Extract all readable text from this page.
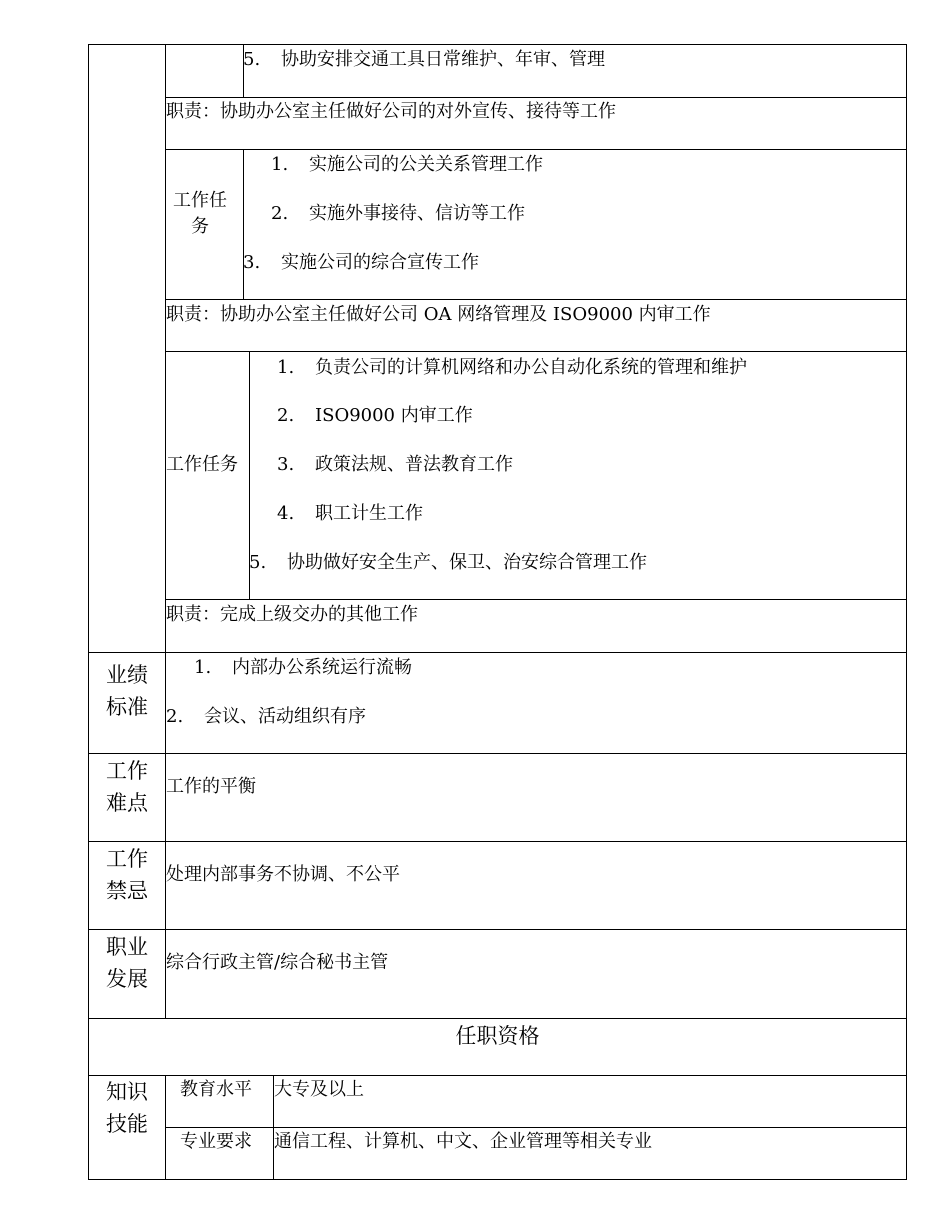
5. 协助安排交通工具日常维护、年审、管理
职责：协助办公室主任做好公司的对外宣传、接待等工作
工作任务
1. 实施公司的公关关系管理工作
2. 实施外事接待、信访等工作
3. 实施公司的综合宣传工作
职责：协助办公室主任做好公司 OA 网络管理及 ISO9000 内审工作
工作任务
1. 负责公司的计算机网络和办公自动化系统的管理和维护
2. ISO9000 内审工作
3. 政策法规、普法教育工作
4. 职工计生工作
5. 协助做好安全生产、保卫、治安综合管理工作
职责：完成上级交办的其他工作
业绩标准
1. 内部办公系统运行流畅
2. 会议、活动组织有序
工作难点
工作的平衡
工作禁忌
处理内部事务不协调、不公平
职业发展
综合行政主管/综合秘书主管
任职资格
知识技能
教育水平	大专及以上
专业要求	通信工程、计算机、中文、企业管理等相关专业
